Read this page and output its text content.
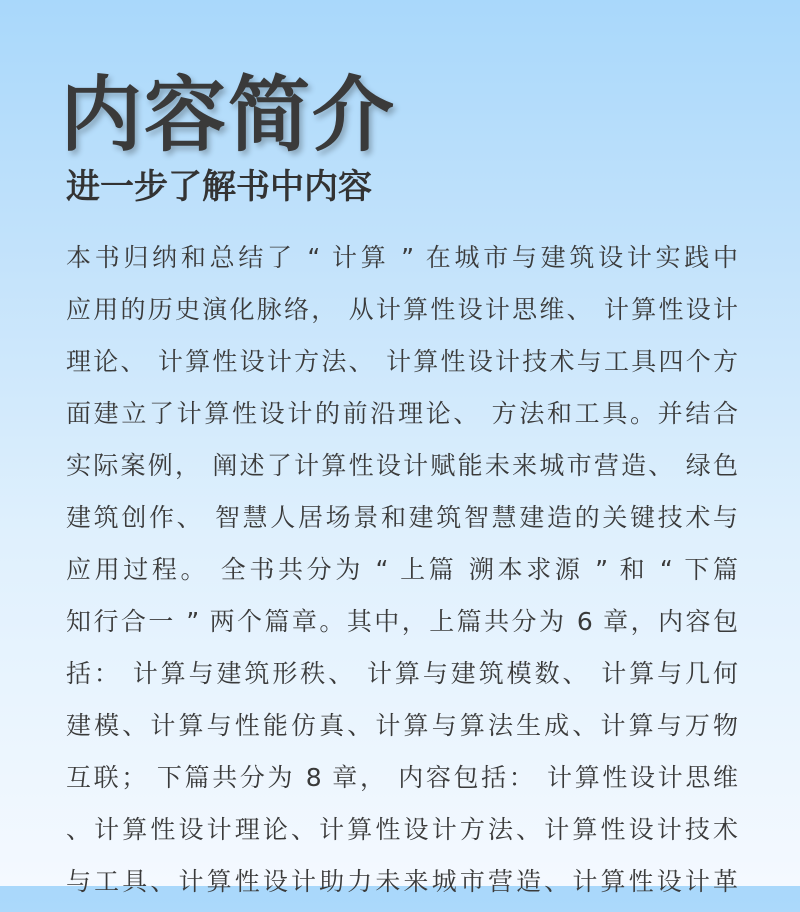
内容简介
进一步了解书中内容
本书归纳和总结了 “ 计算 ” 在城市与建筑设计实践中
应用的历史演化脉络， 从计算性设计思维、 计算性设计
理论、 计算性设计方法、 计算性设计技术与工具四个方
面建立了计算性设计的前沿理论、 方法和工具。并结合
实际案例， 阐述了计算性设计赋能未来城市营造、 绿色
建筑创作、 智慧人居场景和建筑智慧建造的关键技术与
应用过程。 全书共分为 “ 上篇 溯本求源 ” 和 “ 下篇
知行合一 ” 两个篇章。其中，上篇共分为 6 章，内容包
括： 计算与建筑形秩、 计算与建筑模数、 计算与几何
建模、计算与性能仿真、计算与算法生成、计算与万物
互联； 下篇共分为 8 章， 内容包括： 计算性设计思维
、计算性设计理论、计算性设计方法、计算性设计技术
与工具、计算性设计助力未来城市营造、计算性设计革
